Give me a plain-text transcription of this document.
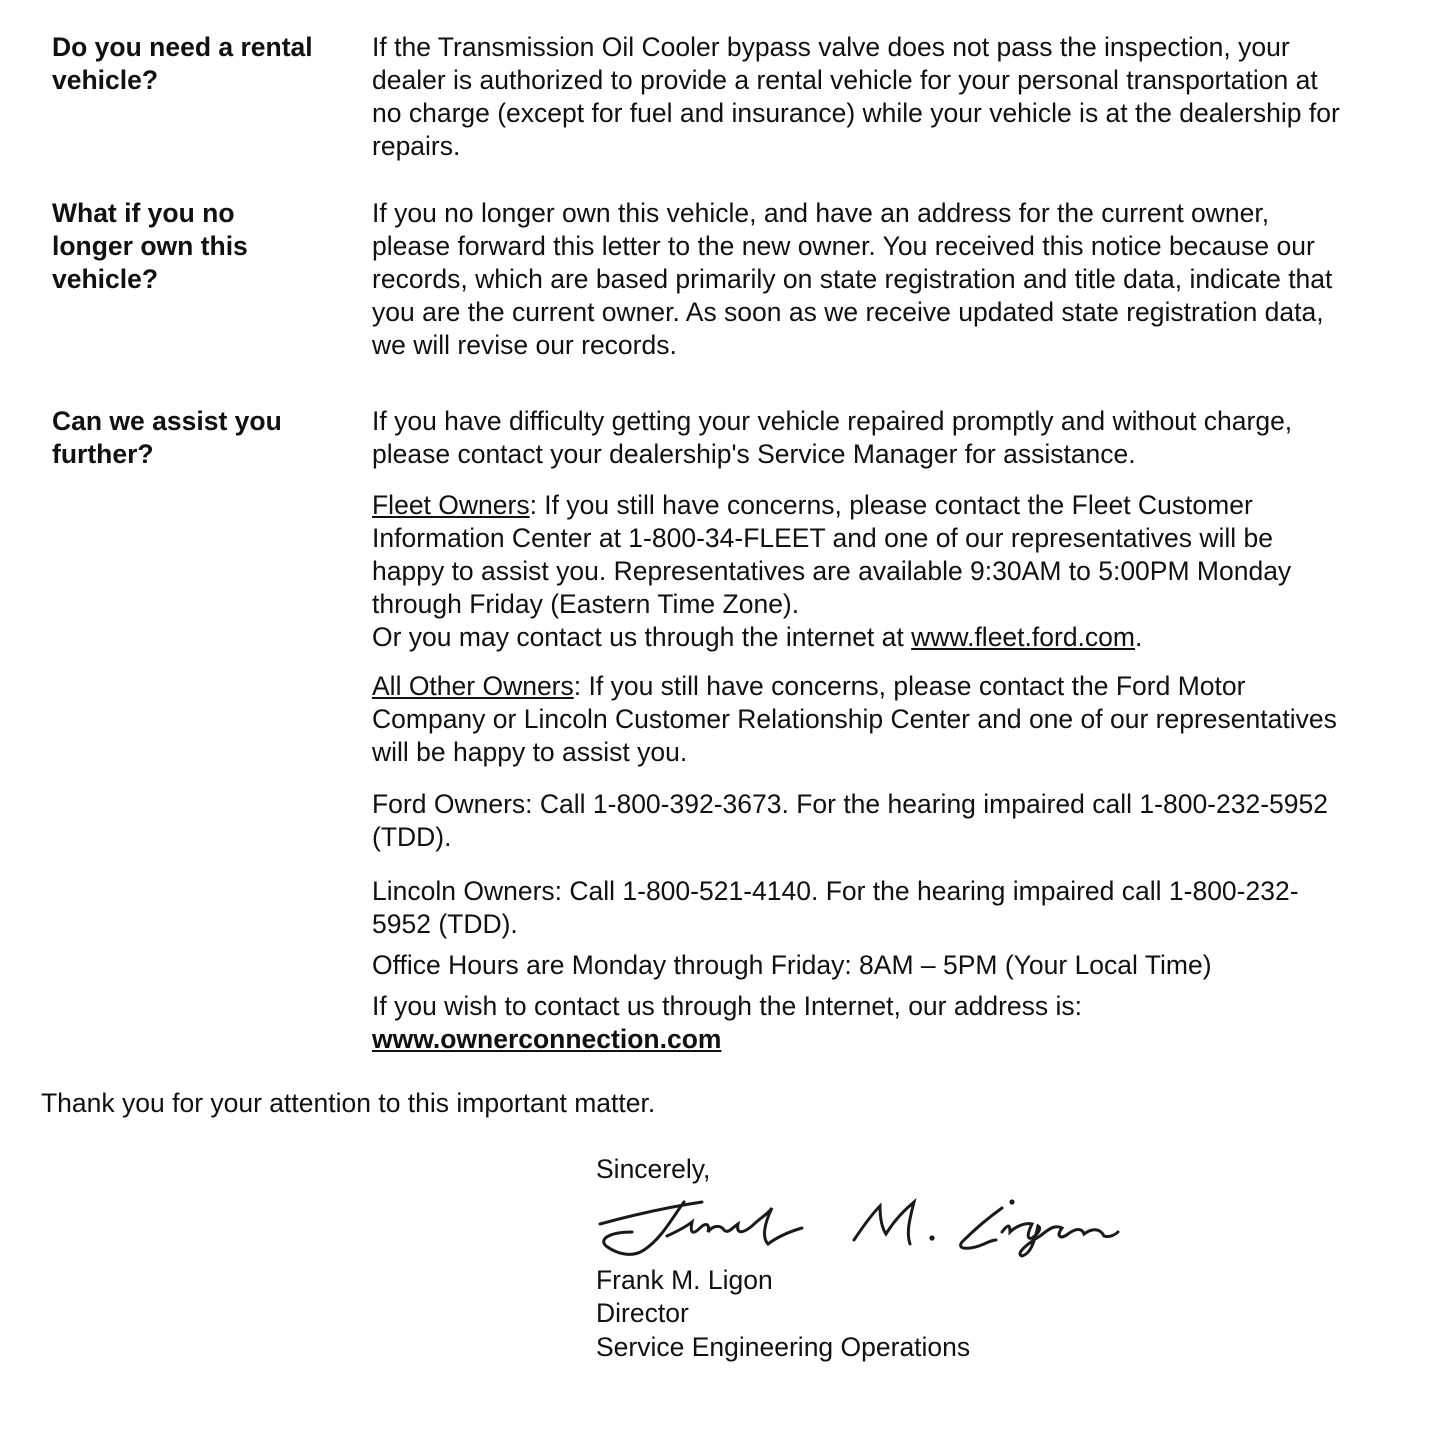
Do you need a rental vehicle?

If the Transmission Oil Cooler bypass valve does not pass the inspection, your dealer is authorized to provide a rental vehicle for your personal transportation at no charge (except for fuel and insurance) while your vehicle is at the dealership for repairs.

What if you no longer own this vehicle?

If you no longer own this vehicle, and have an address for the current owner, please forward this letter to the new owner. You received this notice because our records, which are based primarily on state registration and title data, indicate that you are the current owner. As soon as we receive updated state registration data, we will revise our records.

Can we assist you further?

If you have difficulty getting your vehicle repaired promptly and without charge, please contact your dealership's Service Manager for assistance.

Fleet Owners: If you still have concerns, please contact the Fleet Customer Information Center at 1-800-34-FLEET and one of our representatives will be happy to assist you. Representatives are available 9:30AM to 5:00PM Monday through Friday (Eastern Time Zone).
Or you may contact us through the internet at www.fleet.ford.com.
All Other Owners: If you still have concerns, please contact the Ford Motor Company or Lincoln Customer Relationship Center and one of our representatives will be happy to assist you.

Ford Owners: Call 1-800-392-3673. For the hearing impaired call 1-800-232-5952 (TDD).

Lincoln Owners: Call 1-800-521-4140. For the hearing impaired call 1-800-232-5952 (TDD).

Office Hours are Monday through Friday: 8AM – 5PM (Your Local Time)

If you wish to contact us through the Internet, our address is:
www.ownerconnection.com
Thank you for your attention to this important matter.
Sincerely,
Frank M. Ligon
Director
Service Engineering Operations
